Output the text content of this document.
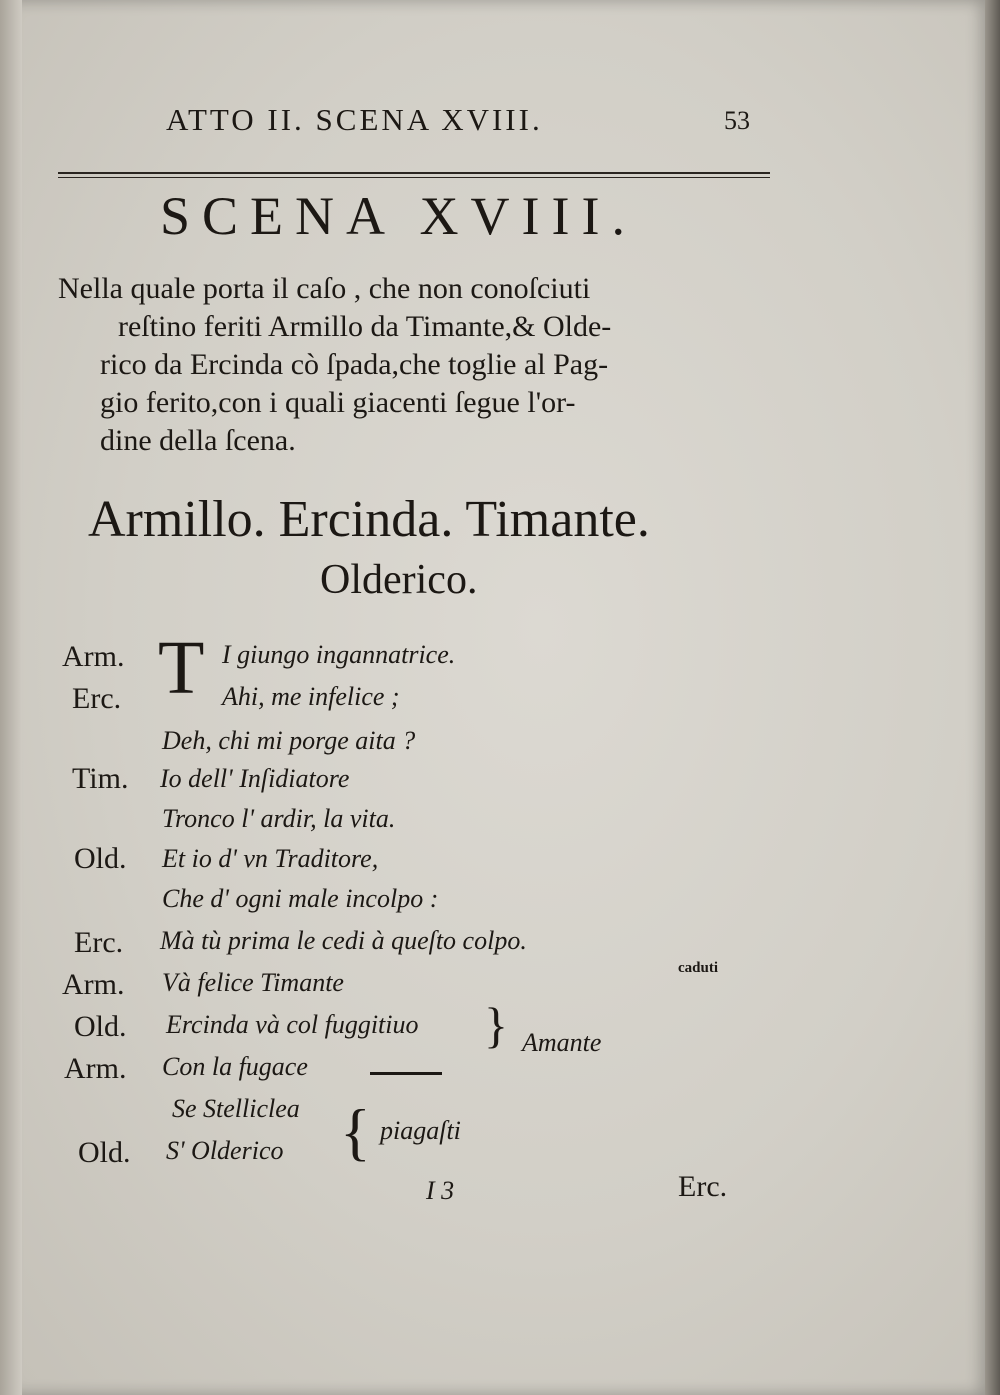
ATTO II. SCENA XVIII.	53
SCENA XVIII.
Nella quale porta il caſo , che non conoſciuti
reſtino feriti Armillo da Timante,& Olde-
rico da Ercinda cò ſpada,che toglie al Pag-
gio ferito,con i quali giacenti ſegue l'or-
dine della ſcena.
Armillo. Ercinda. Timante.
Olderico.
Arm. T I giungo ingannatrice.
Erc.	Ahi, me infelice ;
Deh, chi mi porge aita ?
Tim. Io dell' Inſidiatore
Tronco l' ardir, la vita.
Old. Et io d' vn Traditore,
Che d' ogni male incolpo :
Erc. Mà tù prima le cedi à queſto colpo.
Arm. Và felice Timante	caduti
Old. Ercinda và col fuggitiuo } Amante
Arm. Con la fugace
Se Stelliclea
Old. S' Olderico { piagaſti
I 3	Erc.
